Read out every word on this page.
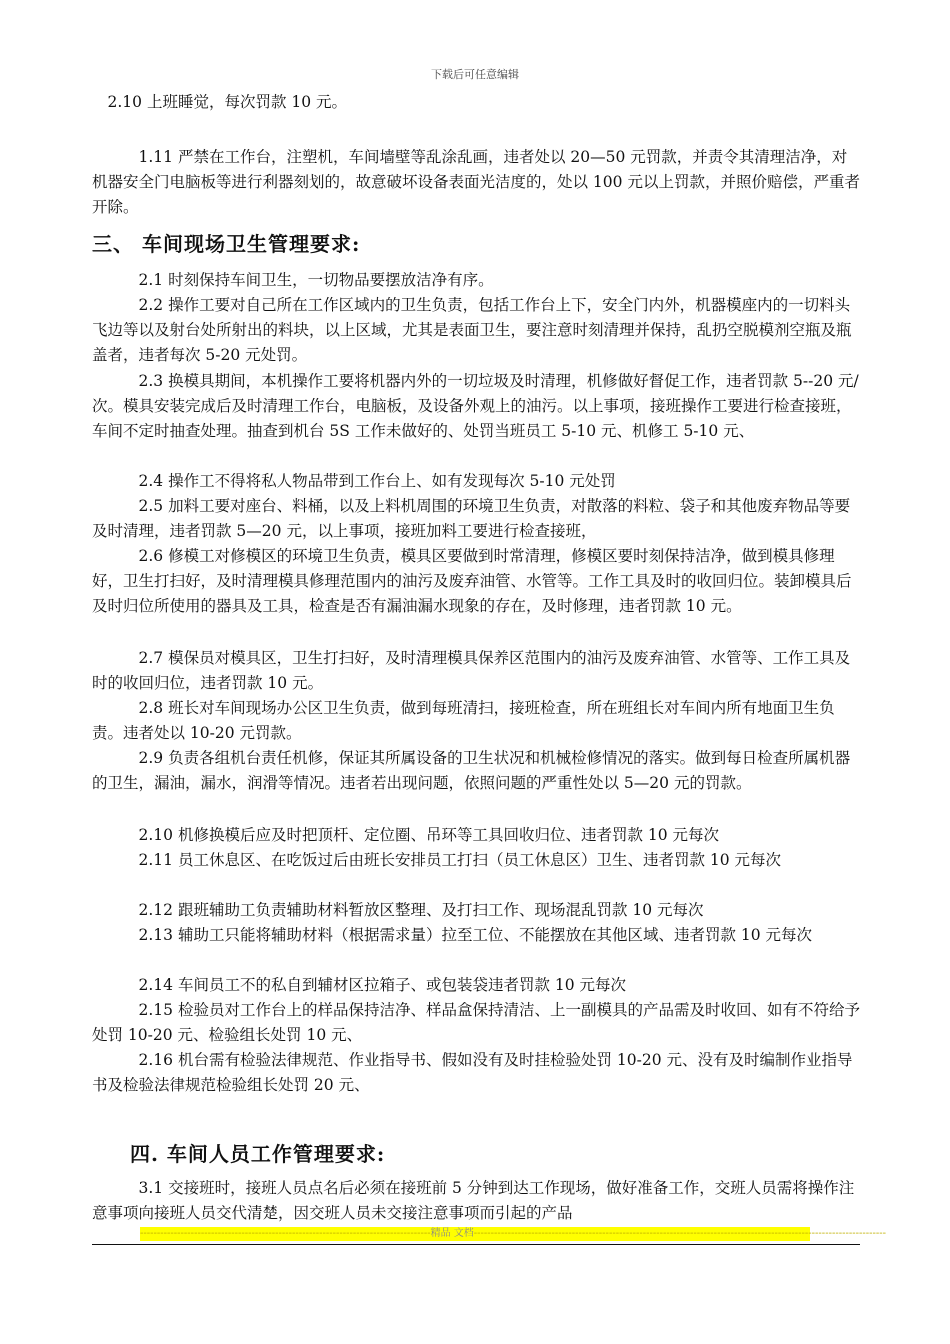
下载后可任意编辑

　2.10 上班睡觉，每次罚款 10 元。

　　　1.11 严禁在工作台，注塑机，车间墙壁等乱涂乱画，违者处以 20—50 元罚款，并责令其清理洁净，对机器安全门电脑板等进行利器刻划的，故意破坏设备表面光洁度的，处以 100 元以上罚款，并照价赔偿，严重者开除。

三、 车间现场卫生管理要求:

　　　2.1 时刻保持车间卫生，一切物品要摆放洁净有序。

　　　2.2 操作工要对自己所在工作区域内的卫生负责，包括工作台上下，安全门内外，机器模座内的一切料头飞边等以及射台处所射出的料块，以上区域，尤其是表面卫生，要注意时刻清理并保持，乱扔空脱模剂空瓶及瓶盖者，违者每次 5-20 元处罚。

　　　2.3 换模具期间，本机操作工要将机器内外的一切垃圾及时清理，机修做好督促工作，违者罚款 5--20 元/次。模具安装完成后及时清理工作台，电脑板，及设备外观上的油污。以上事项，接班操作工要进行检查接班，车间不定时抽查处理。抽查到机台 5S 工作未做好的、处罚当班员工 5-10 元、机修工 5-10 元、

　　　2.4 操作工不得将私人物品带到工作台上、如有发现每次 5-10 元处罚

　　　2.5 加料工要对座台、料桶，以及上料机周围的环境卫生负责，对散落的料粒、袋子和其他废弃物品等要及时清理，违者罚款 5—20 元，以上事项，接班加料工要进行检查接班，

　　　2.6 修模工对修模区的环境卫生负责，模具区要做到时常清理，修模区要时刻保持洁净，做到模具修理好，卫生打扫好，及时清理模具修理范围内的油污及废弃油管、水管等。工作工具及时的收回归位。装卸模具后及时归位所使用的器具及工具，检查是否有漏油漏水现象的存在，及时修理，违者罚款 10 元。

　　　2.7 模保员对模具区，卫生打扫好，及时清理模具保养区范围内的油污及废弃油管、水管等、工作工具及时的收回归位，违者罚款 10 元。

　　　2.8 班长对车间现场办公区卫生负责，做到每班清扫，接班检查，所在班组长对车间内所有地面卫生负责。违者处以 10-20 元罚款。

　　　2.9 负责各组机台责任机修，保证其所属设备的卫生状况和机械检修情况的落实。做到每日检查所属机器的卫生，漏油，漏水，润滑等情况。违者若出现问题，依照问题的严重性处以 5—20 元的罚款。

　　　2.10 机修换模后应及时把顶杆、定位圈、吊环等工具回收归位、违者罚款 10 元每次

　　　2.11 员工休息区、在吃饭过后由班长安排员工打扫（员工休息区）卫生、违者罚款 10 元每次

　　　2.12 跟班辅助工负责辅助材料暂放区整理、及打扫工作、现场混乱罚款 10 元每次

　　　2.13 辅助工只能将辅助材料（根据需求量）拉至工位、不能摆放在其他区域、违者罚款 10 元每次

　　　2.14 车间员工不的私自到辅材区拉箱子、或包装袋违者罚款 10 元每次

　　　2.15 检验员对工作台上的样品保持洁净、样品盒保持清洁、上一副模具的产品需及时收回、如有不符给予处罚 10-20 元、检验组长处罚 10 元、

　　　2.16 机台需有检验法律规范、作业指导书、假如没有及时挂检验处罚 10-20 元、没有及时编制作业指导书及检验法律规范检验组长处罚 20 元、

四. 车间人员工作管理要求:

　　　3.1 交接班时，接班人员点名后必须在接班前 5 分钟到达工作现场，做好准备工作，交班人员需将操作注意事项向接班人员交代清楚，因交班人员未交接注意事项而引起的产品

--------------------------------------------------------------------------------------精品 文档--------------------------------------------------------------------------------------------------------------------------
